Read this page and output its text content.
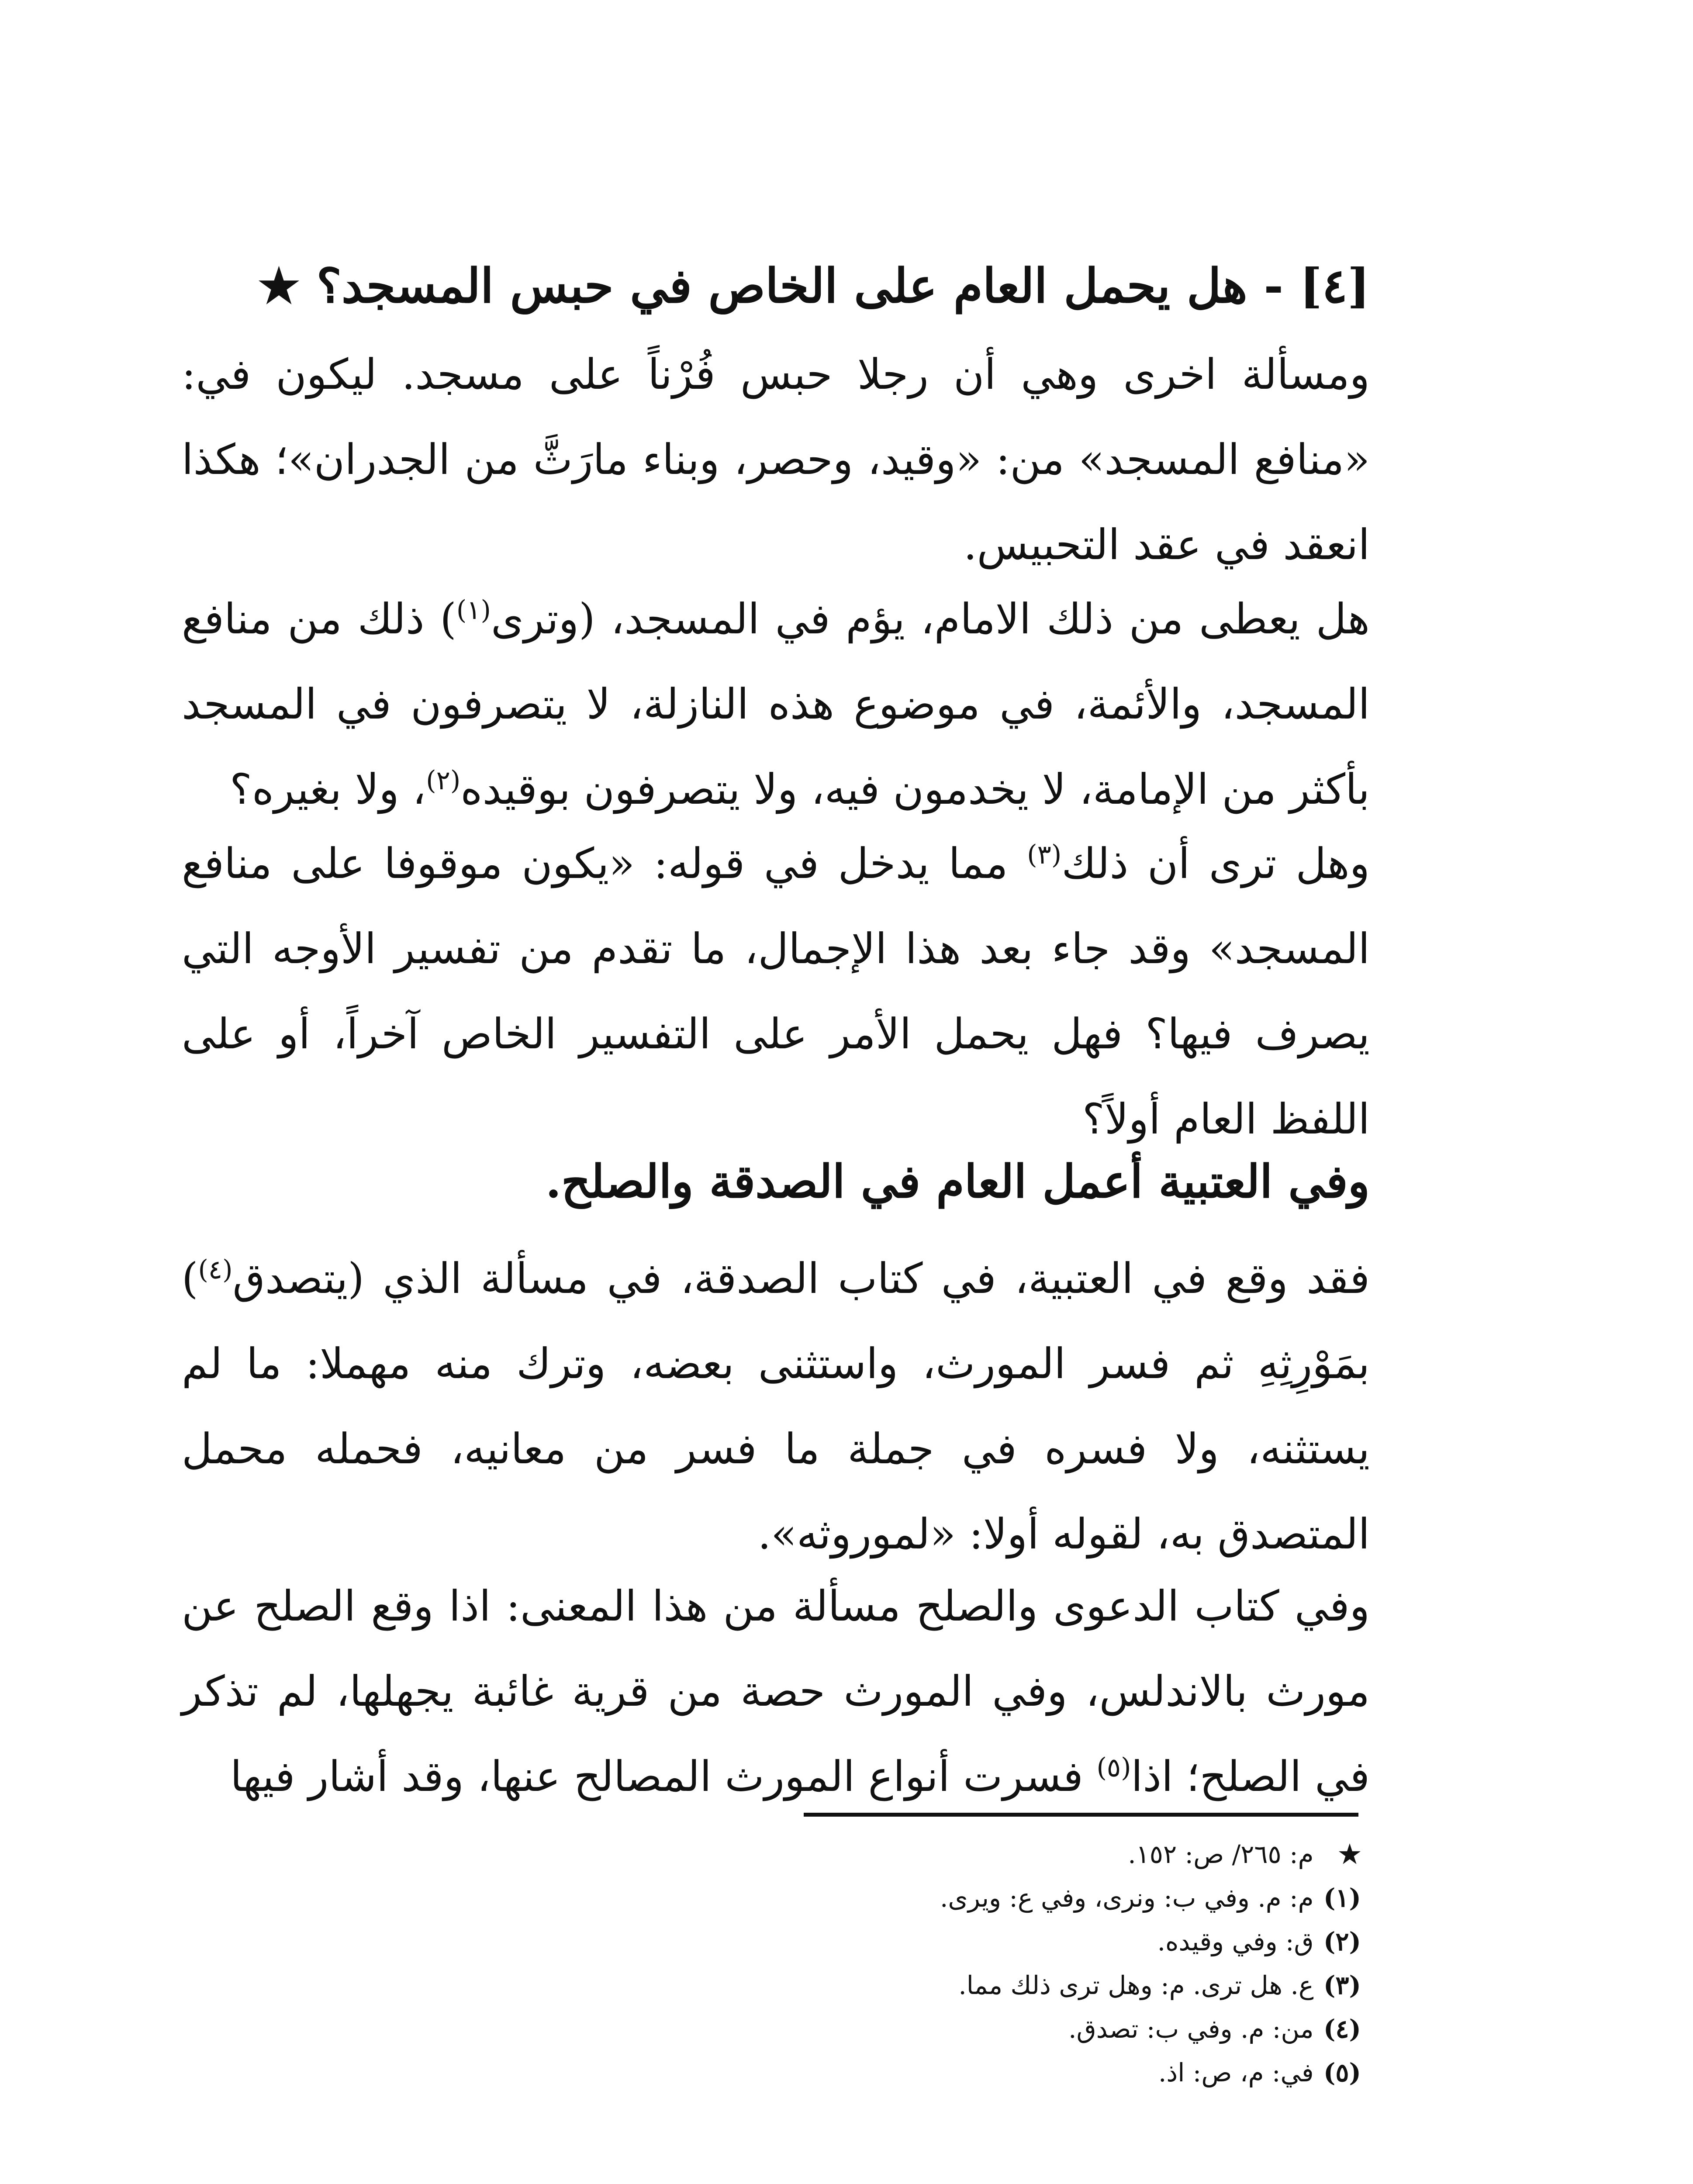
[٤] - هل يحمل العام على الخاص في حبس المسجد؟ ★

ومسألة اخرى وهي أن رجلا حبس فُرْناً على مسجد. ليكون في: «منافع المسجد» من: «وقيد، وحصر، وبناء مارَثَّ من الجدران»؛ هكذا انعقد في عقد التحبيس.

هل يعطى من ذلك الامام، يؤم في المسجد، (وترى$^{(١)}$) ذلك من منافع المسجد، والأئمة، في موضوع هذه النازلة، لا يتصرفون في المسجد بأكثر من الإمامة، لا يخدمون فيه، ولا يتصرفون بوقيده$^{(٢)}$، ولا بغيره؟

وهل ترى أن ذلك$^{(٣)}$ مما يدخل في قوله: «يكون موقوفا على منافع المسجد» وقد جاء بعد هذا الإجمال، ما تقدم من تفسير الأوجه التي يصرف فيها؟ فهل يحمل الأمر على التفسير الخاص آخراً، أو على اللفظ العام أولاً؟

وفي العتبية أعمل العام في الصدقة والصلح.

فقد وقع في العتبية، في كتاب الصدقة، في مسألة الذي (يتصدق$^{(٤)}$) بمَوْرِثِهِ ثم فسر المورث، واستثنى بعضه، وترك منه مهملا: ما لم يستثنه، ولا فسره في جملة ما فسر من معانيه، فحمله محمل المتصدق به، لقوله أولا: «لموروثه».

وفي كتاب الدعوى والصلح مسألة من هذا المعنى: اذا وقع الصلح عن مورث بالاندلس، وفي المورث حصة من قرية غائبة يجهلها، لم تذكر في الصلح؛ اذا$^{(٥)}$ فسرت أنواع المورث المصالح عنها، وقد أشار فيها

★ م: ٢٦٥/ ص: ١٥٢.
(١) م: م. وفي ب: ونرى، وفي ع: ويرى.
(٢) ق: وفي وقيده.
(٣) ع. هل ترى. م: وهل ترى ذلك مما.
(٤) من: م. وفي ب: تصدق.
(٥) في: م، ص: اذ.
